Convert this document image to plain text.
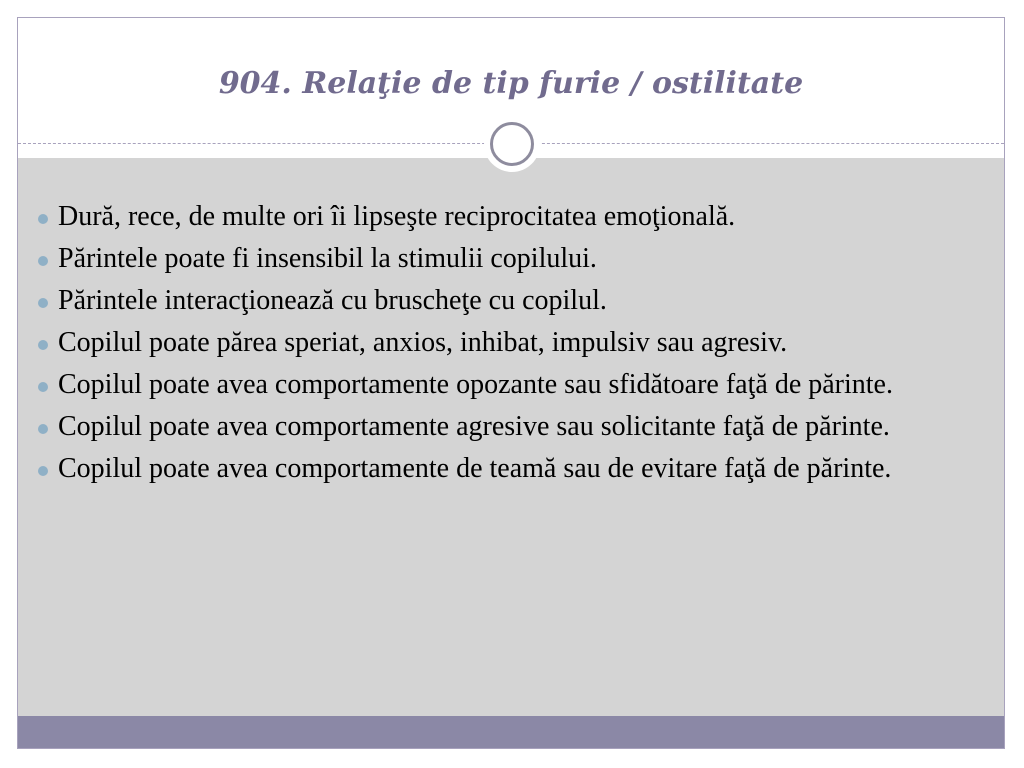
904. Relaţie de tip furie / ostilitate
Dură, rece, de multe ori îi lipseşte reciprocitatea emoţională.
Părintele poate fi insensibil la stimulii copilului.
Părintele interacţionează cu bruscheţe cu copilul.
Copilul poate părea speriat, anxios, inhibat, impulsiv sau agresiv.
Copilul poate avea comportamente opozante sau sfidătoare faţă de părinte.
Copilul poate avea comportamente agresive sau solicitante faţă de părinte.
Copilul poate avea comportamente de teamă sau de evitare faţă de părinte.
